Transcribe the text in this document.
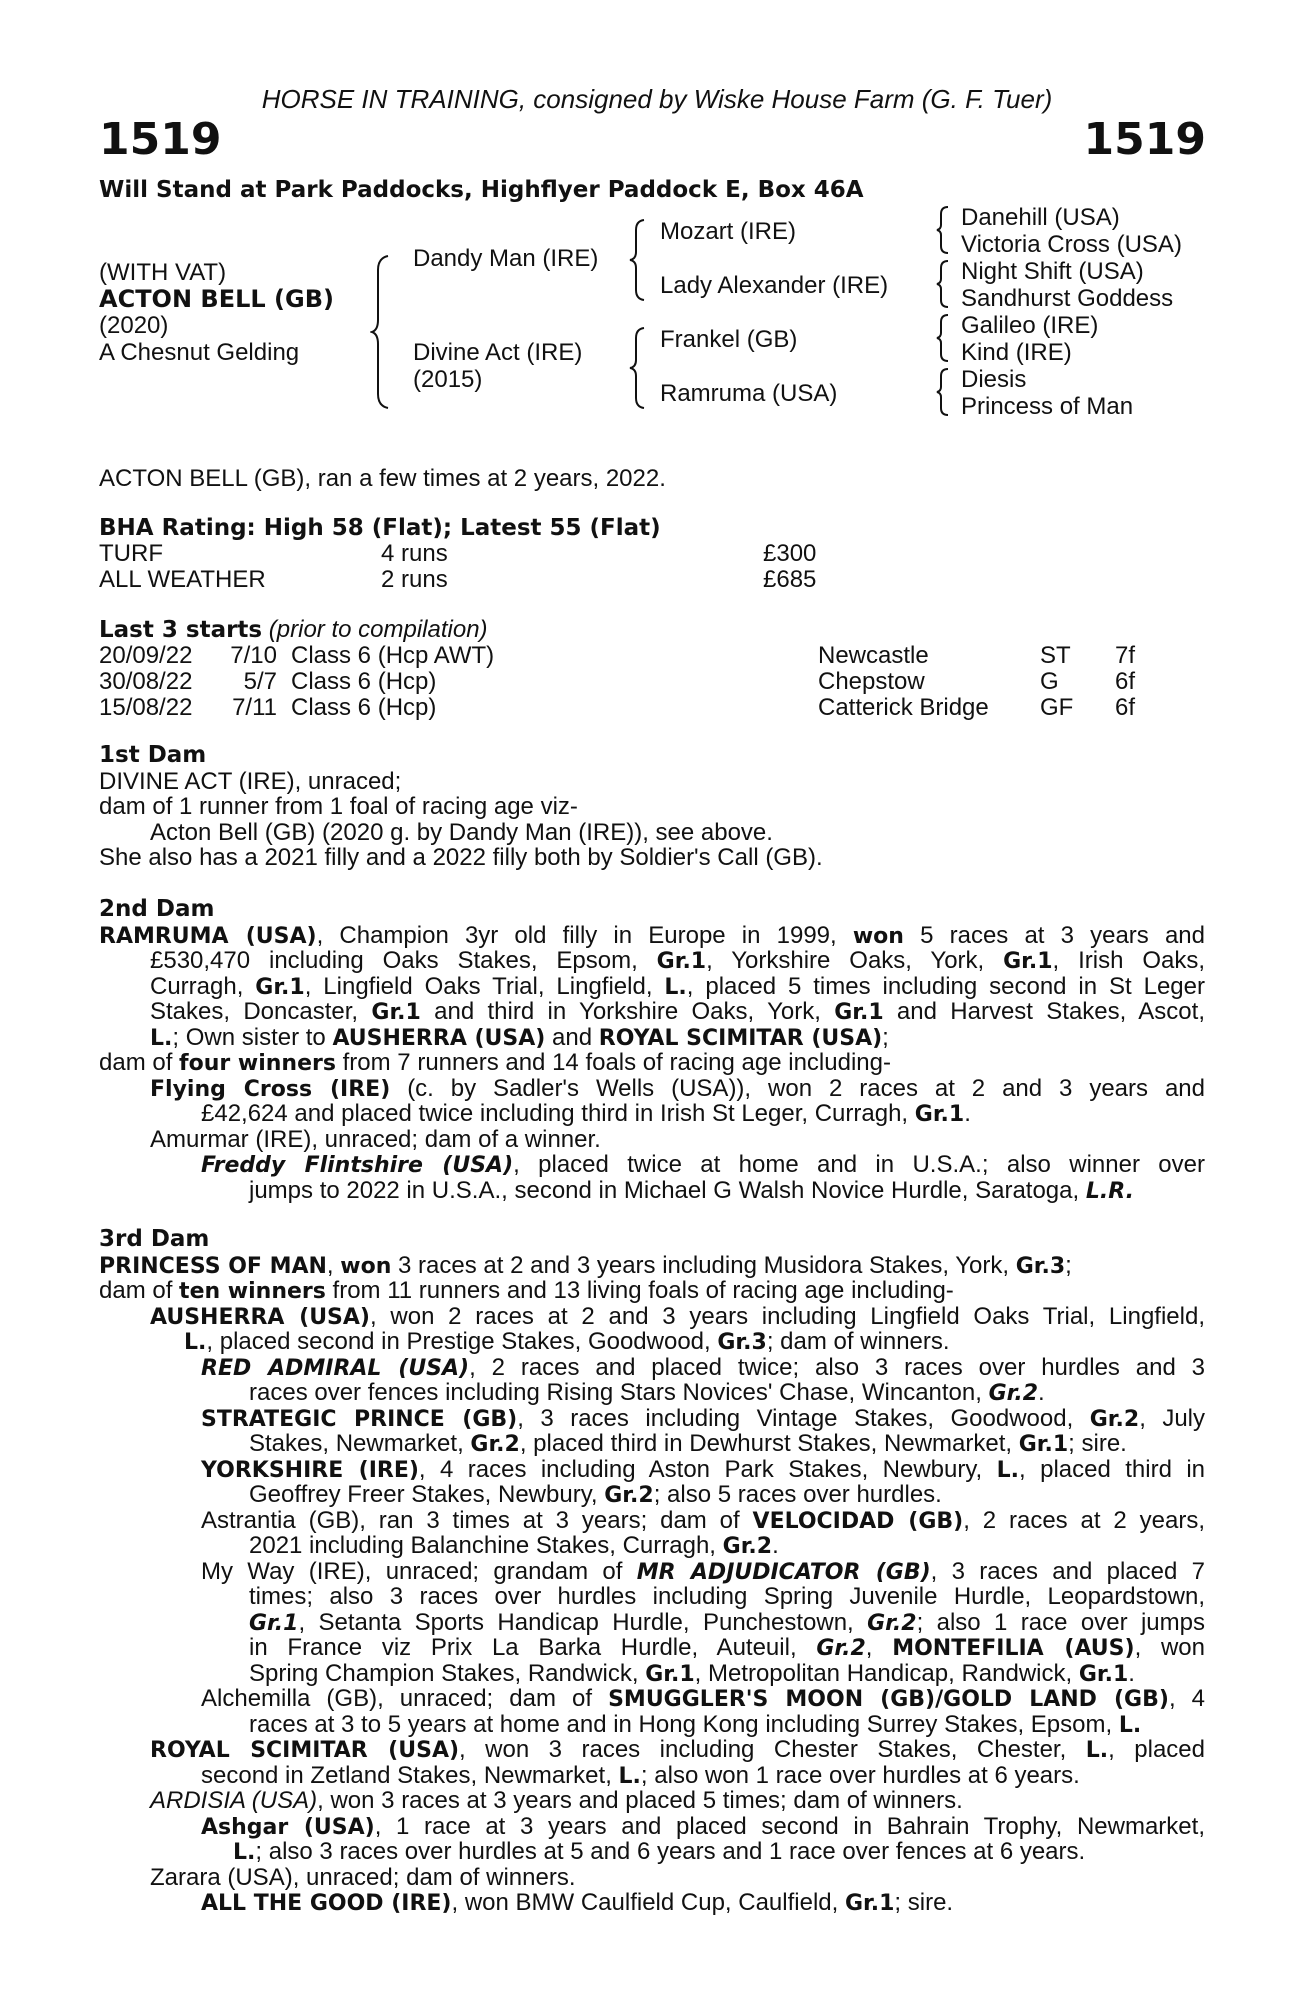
HORSE IN TRAINING, consigned by Wiske House Farm (G. F. Tuer)
1519	1519
Will Stand at Park Paddocks, Highflyer Paddock E, Box 46A
(WITH VAT)
ACTON BELL (GB)
(2020)
A Chesnut Gelding
Dandy Man (IRE)
Divine Act (IRE)
(2015)
Mozart (IRE)
Lady Alexander (IRE)
Frankel (GB)
Ramruma (USA)
Danehill (USA)
Victoria Cross (USA)
Night Shift (USA)
Sandhurst Goddess
Galileo (IRE)
Kind (IRE)
Diesis
Princess of Man
ACTON BELL (GB), ran a few times at 2 years, 2022.
BHA Rating: High 58 (Flat); Latest 55 (Flat)
TURF	4 runs	£300
ALL WEATHER	2 runs	£685
Last 3 starts (prior to compilation)
20/09/22	7/10 Class 6 (Hcp AWT)	Newcastle	ST 7f
30/08/22	5/7 Class 6 (Hcp)	Chepstow	G 6f
15/08/22	7/11 Class 6 (Hcp)	Catterick Bridge GF 6f
1st Dam
DIVINE ACT (IRE), unraced;
dam of 1 runner from 1 foal of racing age viz-
Acton Bell (GB) (2020 g. by Dandy Man (IRE)), see above.
She also has a 2021 filly and a 2022 filly both by Soldier's Call (GB).
2nd Dam
RAMRUMA (USA), Champion 3yr old filly in Europe in 1999, won 5 races at 3 years and
£530,470 including Oaks Stakes, Epsom, Gr.1, Yorkshire Oaks, York, Gr.1, Irish Oaks,
Curragh, Gr.1, Lingfield Oaks Trial, Lingfield, L., placed 5 times including second in St Leger
Stakes, Doncaster, Gr.1 and third in Yorkshire Oaks, York, Gr.1 and Harvest Stakes, Ascot,
L.; Own sister to AUSHERRA (USA) and ROYAL SCIMITAR (USA);
dam of four winners from 7 runners and 14 foals of racing age including-
Flying Cross (IRE) (c. by Sadler's Wells (USA)), won 2 races at 2 and 3 years and
£42,624 and placed twice including third in Irish St Leger, Curragh, Gr.1.
Amurmar (IRE), unraced; dam of a winner.
Freddy Flintshire (USA), placed twice at home and in U.S.A.; also winner over
jumps to 2022 in U.S.A., second in Michael G Walsh Novice Hurdle, Saratoga, L.R.
3rd Dam
PRINCESS OF MAN, won 3 races at 2 and 3 years including Musidora Stakes, York, Gr.3;
dam of ten winners from 11 runners and 13 living foals of racing age including-
AUSHERRA (USA), won 2 races at 2 and 3 years including Lingfield Oaks Trial, Lingfield,
L., placed second in Prestige Stakes, Goodwood, Gr.3; dam of winners.
RED ADMIRAL (USA), 2 races and placed twice; also 3 races over hurdles and 3
races over fences including Rising Stars Novices' Chase, Wincanton, Gr.2.
STRATEGIC PRINCE (GB), 3 races including Vintage Stakes, Goodwood, Gr.2, July
Stakes, Newmarket, Gr.2, placed third in Dewhurst Stakes, Newmarket, Gr.1; sire.
YORKSHIRE (IRE), 4 races including Aston Park Stakes, Newbury, L., placed third in
Geoffrey Freer Stakes, Newbury, Gr.2; also 5 races over hurdles.
Astrantia (GB), ran 3 times at 3 years; dam of VELOCIDAD (GB), 2 races at 2 years,
2021 including Balanchine Stakes, Curragh, Gr.2.
My Way (IRE), unraced; grandam of MR ADJUDICATOR (GB), 3 races and placed 7
times; also 3 races over hurdles including Spring Juvenile Hurdle, Leopardstown,
Gr.1, Setanta Sports Handicap Hurdle, Punchestown, Gr.2; also 1 race over jumps
in France viz Prix La Barka Hurdle, Auteuil, Gr.2, MONTEFILIA (AUS), won
Spring Champion Stakes, Randwick, Gr.1, Metropolitan Handicap, Randwick, Gr.1.
Alchemilla (GB), unraced; dam of SMUGGLER'S MOON (GB)/GOLD LAND (GB), 4
races at 3 to 5 years at home and in Hong Kong including Surrey Stakes, Epsom, L.
ROYAL SCIMITAR (USA), won 3 races including Chester Stakes, Chester, L., placed
second in Zetland Stakes, Newmarket, L.; also won 1 race over hurdles at 6 years.
ARDISIA (USA), won 3 races at 3 years and placed 5 times; dam of winners.
Ashgar (USA), 1 race at 3 years and placed second in Bahrain Trophy, Newmarket,
L.; also 3 races over hurdles at 5 and 6 years and 1 race over fences at 6 years.
Zarara (USA), unraced; dam of winners.
ALL THE GOOD (IRE), won BMW Caulfield Cup, Caulfield, Gr.1; sire.
